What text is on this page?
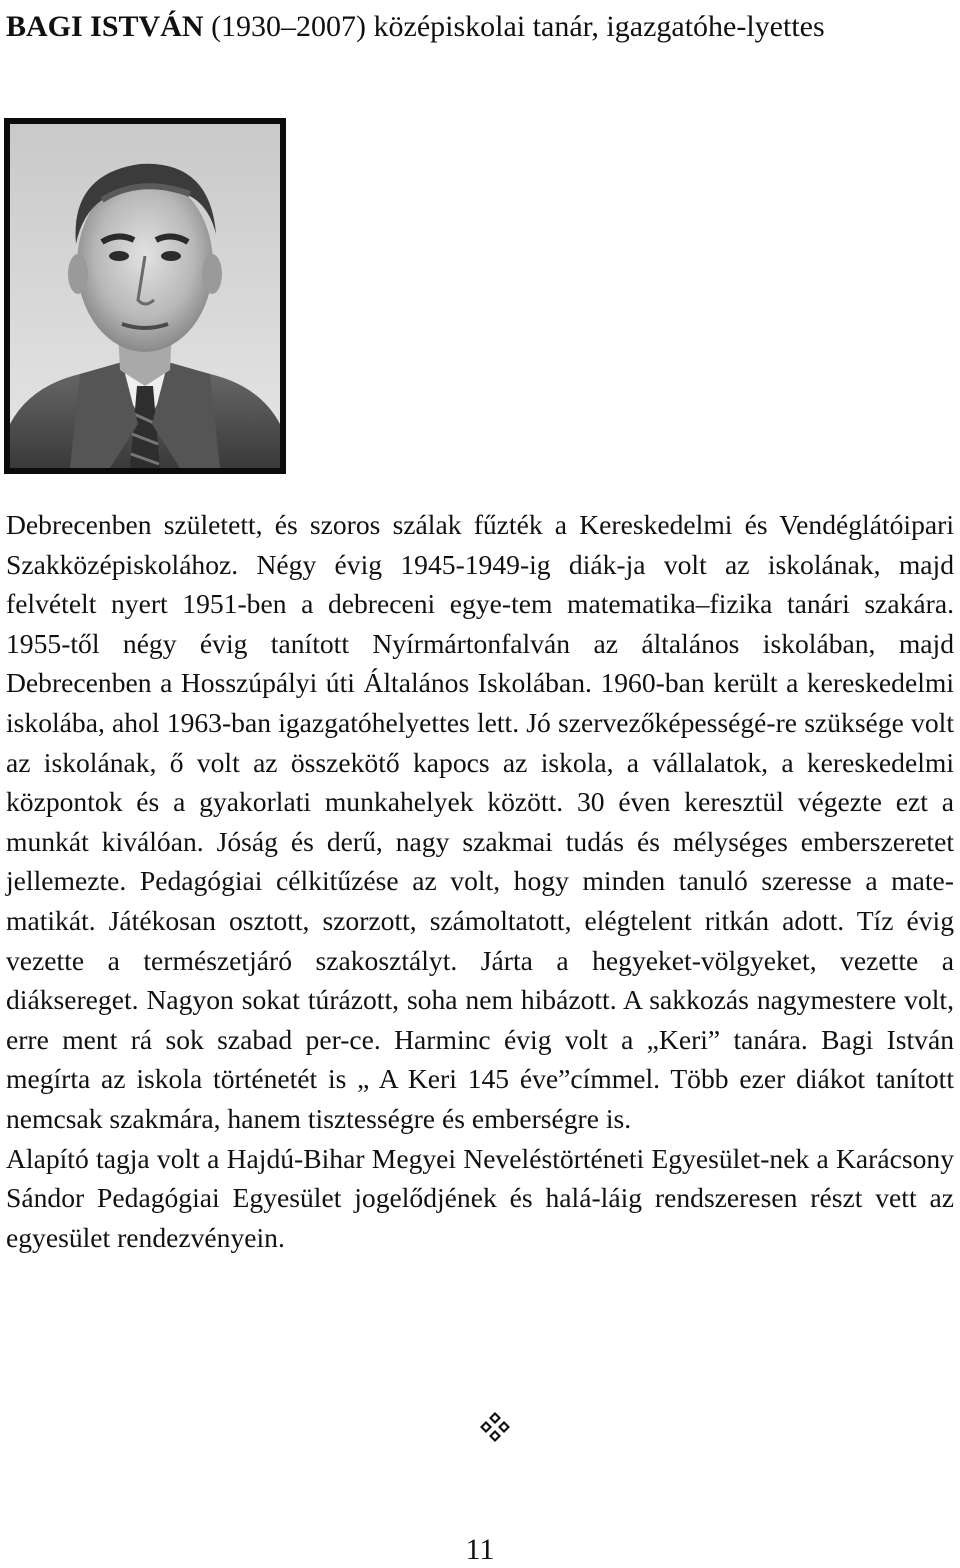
BAGI ISTVÁN (1930–2007) középiskolai tanár, igazgatóhe-lyettes

Debrecenben született, és szoros szálak fűzték a Kereskedelmi és Vendéglátóipari Szakközépiskolához. Négy évig 1945-1949-ig diák-ja volt az iskolának, majd felvételt nyert 1951-ben a debreceni egye-tem matematika–fizika tanári szakára. 1955-től négy évig tanított Nyírmártonfalván az általános iskolában, majd Debrecenben a Hosszúpályi úti Általános Iskolában. 1960-ban került a kereskedelmi iskolába, ahol 1963-ban igazgatóhelyettes lett. Jó szervezőképességé-re szüksége volt az iskolának, ő volt az összekötő kapocs az iskola, a vállalatok, a kereskedelmi központok és a gyakorlati munkahelyek között. 30 éven keresztül végezte ezt a munkát kiválóan. Jóság és derű, nagy szakmai tudás és mélységes emberszeretet jellemezte. Pedagógiai célkitűzése az volt, hogy minden tanuló szeresse a mate-matikát. Játékosan osztott, szorzott, számoltatott, elégtelent ritkán adott. Tíz évig vezette a természetjáró szakosztályt. Járta a hegyeket-völgyeket, vezette a diáksereget. Nagyon sokat túrázott, soha nem hibázott. A sakkozás nagymestere volt, erre ment rá sok szabad per-ce. Harminc évig volt a „Keri” tanára. Bagi István megírta az iskola történetét is „ A Keri 145 éve”címmel. Több ezer diákot tanított nemcsak szakmára, hanem tisztességre és emberségre is.

Alapító tagja volt a Hajdú-Bihar Megyei Neveléstörténeti Egyesület-nek a Karácsony Sándor Pedagógiai Egyesület jogelődjének és halá-láig rendszeresen részt vett az egyesület rendezvényein.

11
